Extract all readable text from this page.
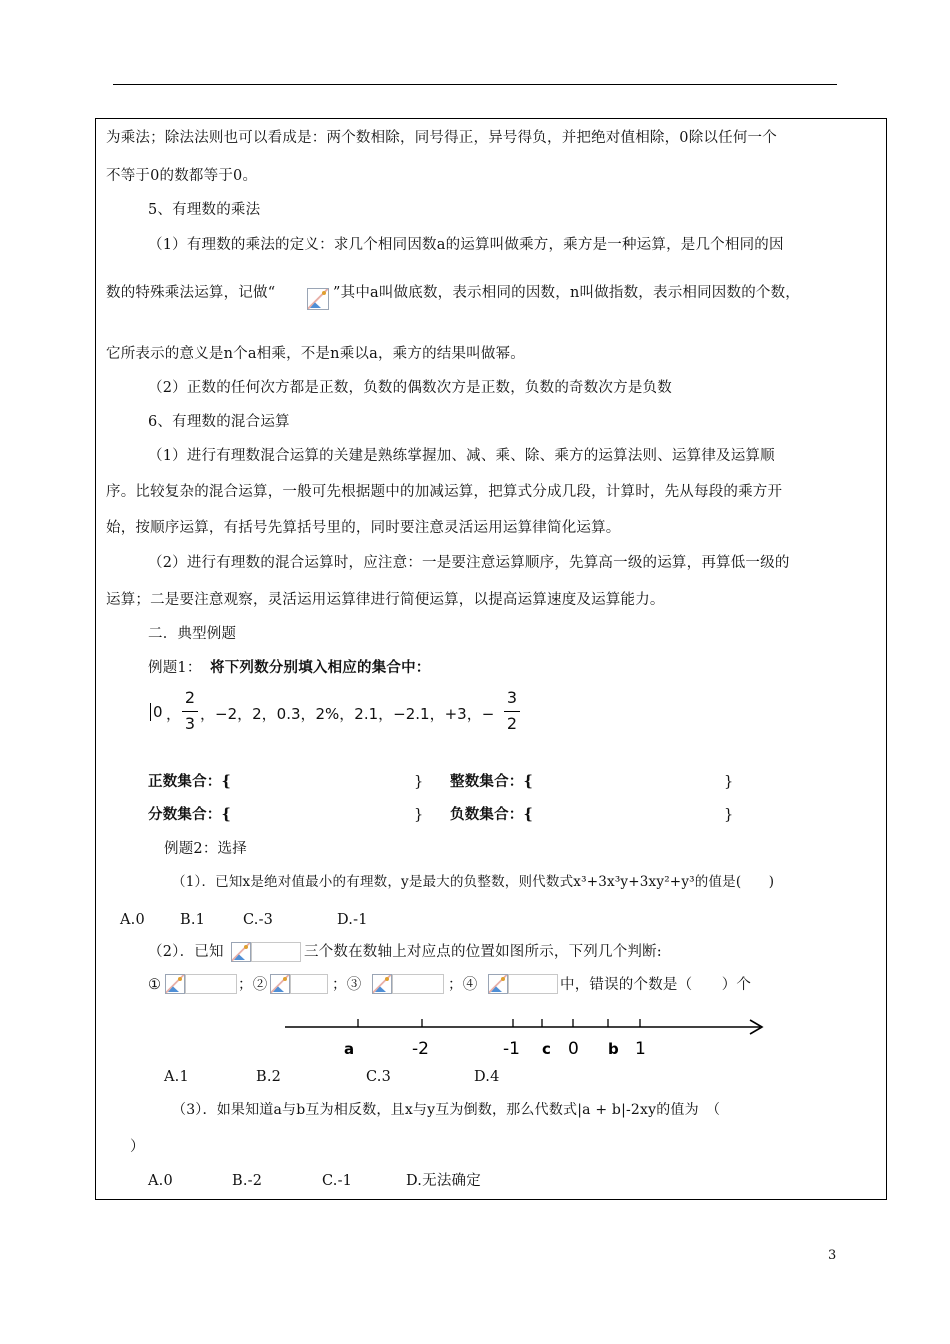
为乘法；除法法则也可以看成是：两个数相除，同号得正，异号得负，并把绝对值相除，0除以任何一个
不等于0的数都等于0。
5、有理数的乘法
（1）有理数的乘法的定义：求几个相同因数a的运算叫做乘方，乘方是一种运算，是几个相同的因
数的特殊乘法运算，记做“	”其中a叫做底数，表示相同的因数，n叫做指数，表示相同因数的个数，
它所表示的意义是n个a相乘，不是n乘以a，乘方的结果叫做幂。
（2）正数的任何次方都是正数，负数的偶数次方是正数，负数的奇数次方是负数
6、有理数的混合运算
（1）进行有理数混合运算的关建是熟练掌握加、减、乘、除、乘方的运算法则、运算律及运算顺
序。比较复杂的混合运算，一般可先根据题中的加减运算，把算式分成几段，计算时，先从每段的乘方开
始，按顺序运算，有括号先算括号里的，同时要注意灵活运用运算律简化运算。
（2）进行有理数的混合运算时，应注意：一是要注意运算顺序，先算高一级的运算，再算低一级的
运算；二是要注意观察，灵活运用运算律进行简便运算，以提高运算速度及运算能力。
二．典型例题
例题1： 将下列数分别填入相应的集合中：
0 ，
2
3 ，−2，2，0.3，2%，2.1，−2.1，+3，−
3
2
正数集合：{	} 整数集合：{	}
分数集合：{	} 负数集合：{	}
例题2：选择
（1）．已知x是绝对值最小的有理数，y是最大的负整数，则代数式x³+3x³y+3xy²+y³的值是(　　)
A.0 B.1	C.-3	D.-1
（2）．已知	三个数在数轴上对应点的位置如图所示，下列几个判断:
①	；②	；③	；④	中，错误的个数是（　　）个
a	-2	-1 c 0 b 1
A.1	B.2	C.3	D.4
（3）．如果知道a与b互为相反数，且x与y互为倒数，那么代数式|a + b|-2xy的值为　（
）
A.0	B.-2	C.-1	D.无法确定
3
